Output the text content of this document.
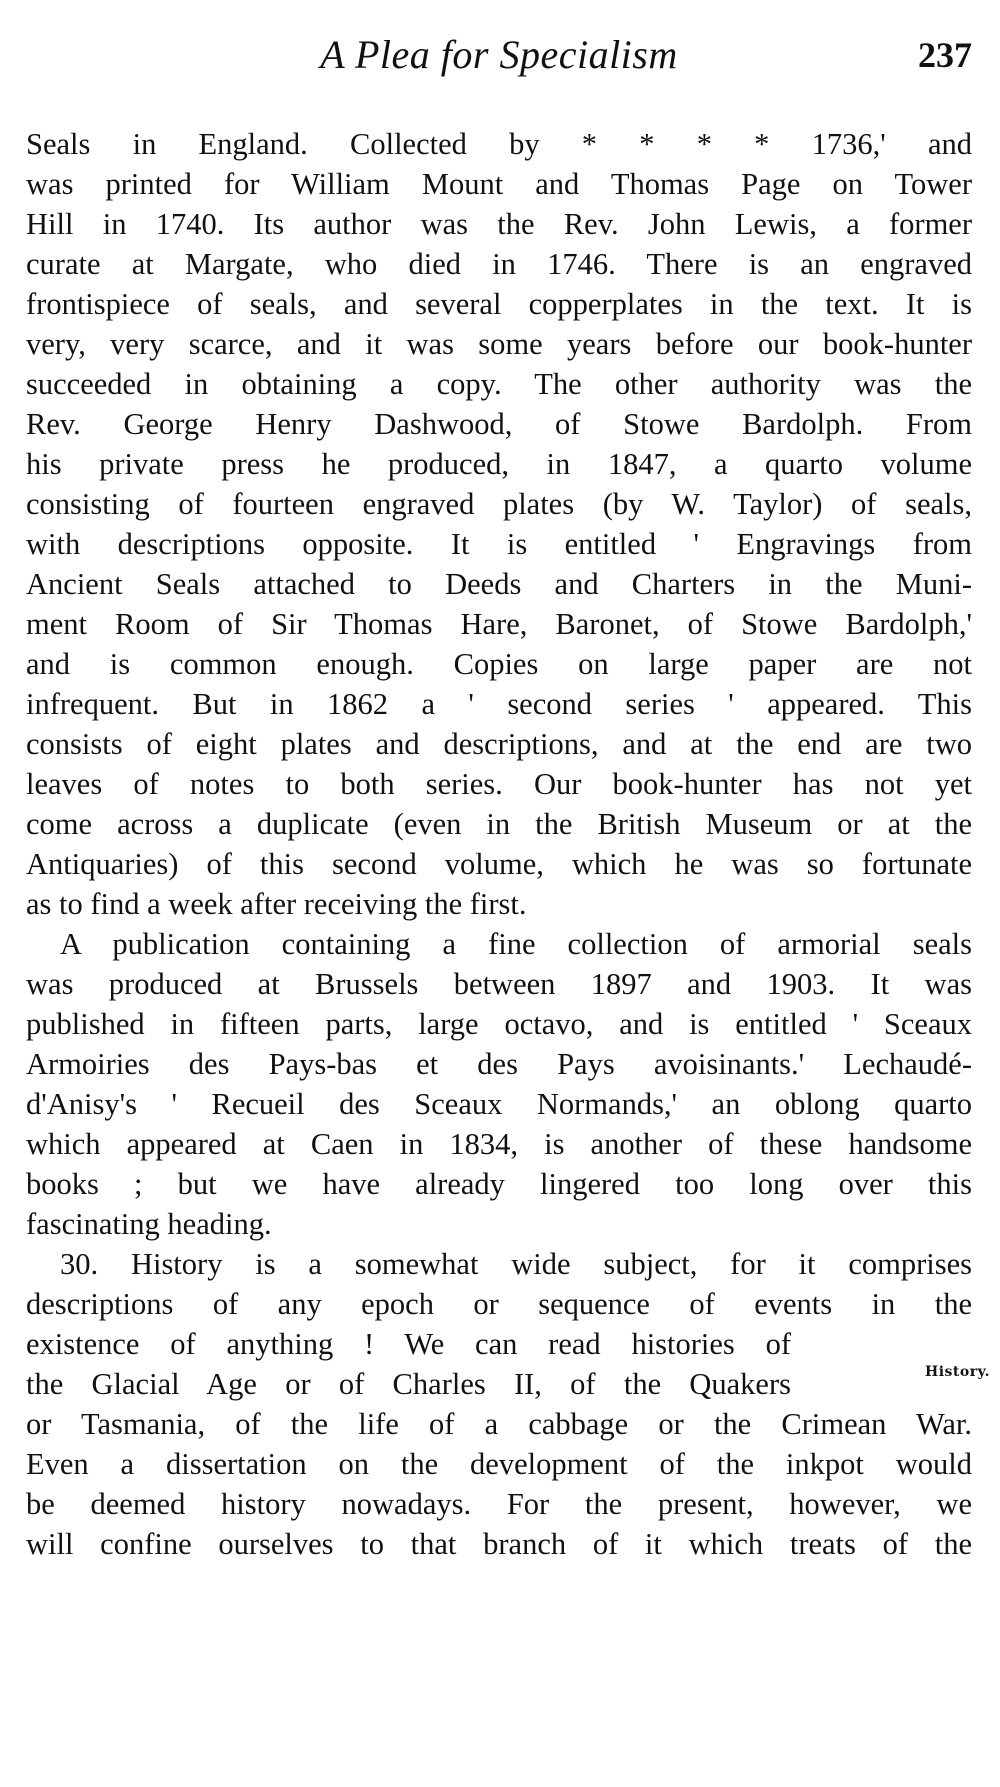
A Plea for Specialism	237
Seals in England. Collected by * * * * 1736,' and
was printed for William Mount and Thomas Page on Tower
Hill in 1740. Its author was the Rev. John Lewis, a former
curate at Margate, who died in 1746. There is an engraved
frontispiece of seals, and several copperplates in the text. It is
very, very scarce, and it was some years before our book-hunter
succeeded in obtaining a copy. The other authority was the
Rev. George Henry Dashwood, of Stowe Bardolph. From
his private press he produced, in 1847, a quarto volume
consisting of fourteen engraved plates (by W. Taylor) of seals,
with descriptions opposite. It is entitled ' Engravings from
Ancient Seals attached to Deeds and Charters in the Muni-
ment Room of Sir Thomas Hare, Baronet, of Stowe Bardolph,'
and is common enough. Copies on large paper are not
infrequent. But in 1862 a ' second series ' appeared. This
consists of eight plates and descriptions, and at the end are two
leaves of notes to both series. Our book-hunter has not yet
come across a duplicate (even in the British Museum or at the
Antiquaries) of this second volume, which he was so fortunate
as to find a week after receiving the first.
A publication containing a fine collection of armorial seals
was produced at Brussels between 1897 and 1903. It was
published in fifteen parts, large octavo, and is entitled ' Sceaux
Armoiries des Pays-bas et des Pays avoisinants.' Lechaudé-
d'Anisy's ' Recueil des Sceaux Normands,' an oblong quarto
which appeared at Caen in 1834, is another of these handsome
books ; but we have already lingered too long over this
fascinating heading.
30. History is a somewhat wide subject, for it comprises
descriptions of any epoch or sequence of events in the
existence of anything ! We can read histories of
the Glacial Age or of Charles II, of the Quakers
or Tasmania, of the life of a cabbage or the Crimean War.
Even a dissertation on the development of the inkpot would
be deemed history nowadays. For the present, however, we
will confine ourselves to that branch of it which treats of the
History.
